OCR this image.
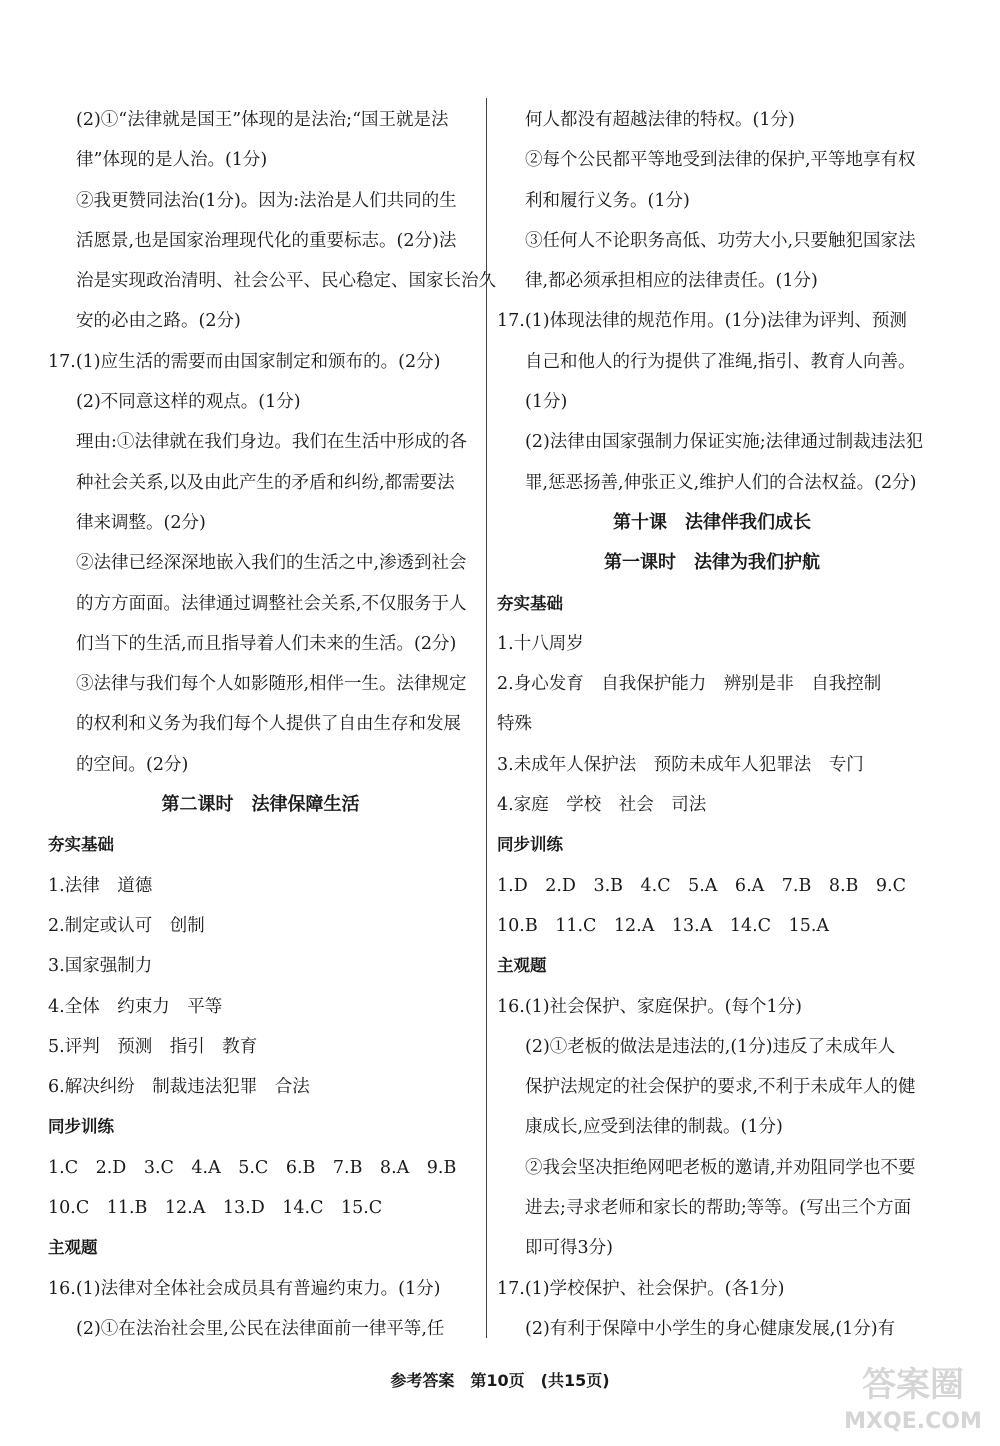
(2)①“法律就是国王”体现的是法治;“国王就是法
律”体现的是人治。(1分)
②我更赞同法治(1分)。因为:法治是人们共同的生
活愿景,也是国家治理现代化的重要标志。(2分)法
治是实现政治清明、社会公平、民心稳定、国家长治久
安的必由之路。(2分)
17.(1)应生活的需要而由国家制定和颁布的。(2分)
(2)不同意这样的观点。(1分)
理由:①法律就在我们身边。我们在生活中形成的各
种社会关系,以及由此产生的矛盾和纠纷,都需要法
律来调整。(2分)
②法律已经深深地嵌入我们的生活之中,渗透到社会
的方方面面。法律通过调整社会关系,不仅服务于人
们当下的生活,而且指导着人们未来的生活。(2分)
③法律与我们每个人如影随形,相伴一生。法律规定
的权利和义务为我们每个人提供了自由生存和发展
的空间。(2分)
第二课时　法律保障生活
夯实基础
1.法律　道德
2.制定或认可　创制
3.国家强制力
4.全体　约束力　平等
5.评判　预测　指引　教育
6.解决纠纷　制裁违法犯罪　合法
同步训练
1.C　2.D　3.C　4.A　5.C　6.B　7.B　8.A　9.B
10.C　11.B　12.A　13.D　14.C　15.C
主观题
16.(1)法律对全体社会成员具有普遍约束力。(1分)
(2)①在法治社会里,公民在法律面前一律平等,任
何人都没有超越法律的特权。(1分)
②每个公民都平等地受到法律的保护,平等地享有权
利和履行义务。(1分)
③任何人不论职务高低、功劳大小,只要触犯国家法
律,都必须承担相应的法律责任。(1分)
17.(1)体现法律的规范作用。(1分)法律为评判、预测
自己和他人的行为提供了准绳,指引、教育人向善。
(1分)
(2)法律由国家强制力保证实施;法律通过制裁违法犯
罪,惩恶扬善,伸张正义,维护人们的合法权益。(2分)
第十课　法律伴我们成长
第一课时　法律为我们护航
夯实基础
1.十八周岁
2.身心发育　自我保护能力　辨别是非　自我控制
特殊
3.未成年人保护法　预防未成年人犯罪法　专门
4.家庭　学校　社会　司法
同步训练
1.D　2.D　3.B　4.C　5.A　6.A　7.B　8.B　9.C
10.B　11.C　12.A　13.A　14.C　15.A
主观题
16.(1)社会保护、家庭保护。(每个1分)
(2)①老板的做法是违法的,(1分)违反了未成年人
保护法规定的社会保护的要求,不利于未成年人的健
康成长,应受到法律的制裁。(1分)
②我会坚决拒绝网吧老板的邀请,并劝阻同学也不要
进去;寻求老师和家长的帮助;等等。(写出三个方面
即可得3分)
17.(1)学校保护、社会保护。(各1分)
(2)有利于保障中小学生的身心健康发展,(1分)有
参考答案　第10页　(共15页)	答案圈
MXQE.COM
